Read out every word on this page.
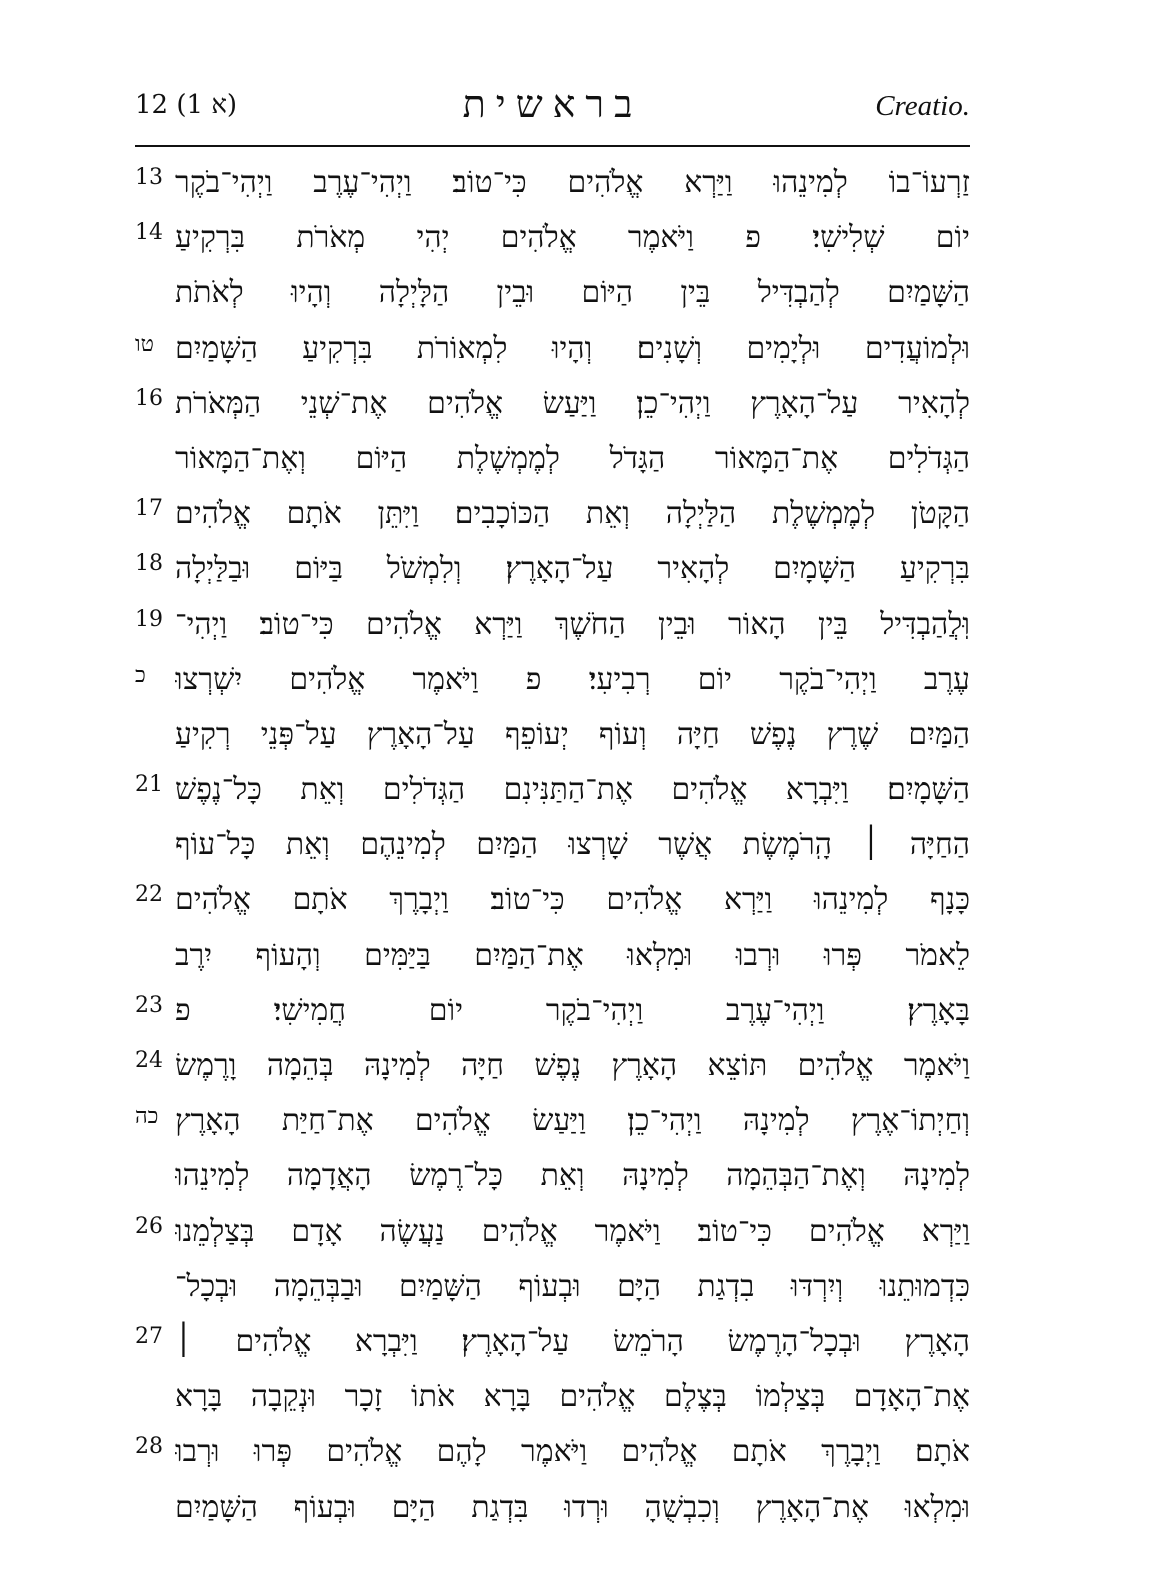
12 (1 א)	בראשית	Creatio.
13 זַרְעוֹ־בוֹ לְמִינֵהוּ וַיַּרְא אֱלֹהִים כִּי־טוֹב׃ וַיְהִי־עֶרֶב וַיְהִי־בֹקֶר
14 יוֹם שְׁלִישִׁי׃ פ וַיֹּאמֶר אֱלֹהִים יְהִי מְאֹרֹת בִּרְקִיעַ
הַשָּׁמַיִם לְהַבְדִּיל בֵּין הַיּוֹם וּבֵין הַלָּיְלָה וְהָיוּ לְאֹתֹת
טו וּלְמוֹעֲדִים וּלְיָמִים וְשָׁנִים׃ וְהָיוּ לִמְאוֹרֹת בִּרְקִיעַ הַשָּׁמַיִם
16 לְהָאִיר עַל־הָאָרֶץ וַיְהִי־כֵן׃ וַיַּעַשׂ אֱלֹהִים אֶת־שְׁנֵי הַמְּאֹרֹת
הַגְּדֹלִים אֶת־הַמָּאוֹר הַגָּדֹל לְמֶמְשֶׁלֶת הַיּוֹם וְאֶת־הַמָּאוֹר
17 הַקָּטֹן לְמֶמְשֶׁלֶת הַלַּיְלָה וְאֵת הַכּוֹכָבִים׃ וַיִּתֵּן אֹתָם אֱלֹהִים
18 בִּרְקִיעַ הַשָּׁמָיִם לְהָאִיר עַל־הָאָרֶץ׃ וְלִמְשֹׁל בַּיּוֹם וּבַלַּיְלָה
19 וּֽלֲהַבְדִּיל בֵּין הָאוֹר וּבֵין הַחֹשֶׁךְ וַיַּרְא אֱלֹהִים כִּי־טוֹב׃ וַיְהִי־
כ עֶרֶב וַיְהִי־בֹקֶר יוֹם רְבִיעִי׃ פ וַיֹּאמֶר אֱלֹהִים יִשְׁרְצוּ
הַמַּיִם שֶׁרֶץ נֶפֶשׁ חַיָּה וְעוֹף יְעוֹפֵף עַל־הָאָרֶץ עַל־פְּנֵי רְקִיעַ
21 הַשָּׁמָיִם׃ וַיִּבְרָא אֱלֹהִים אֶת־הַתַּנִּינִם הַגְּדֹלִים וְאֵת כָּל־נֶפֶשׁ
הַחַיָּה ׀ הָֽרֹמֶשֶׂת אֲשֶׁר שָׁרְצוּ הַמַּיִם לְמִינֵהֶם וְאֵת כָּל־עוֹף
22 כָּנָף לְמִינֵהוּ וַיַּרְא אֱלֹהִים כִּי־טוֹב׃ וַיְבָרֶךְ אֹתָם אֱלֹהִים
לֵאמֹר פְּרוּ וּרְבוּ וּמִלְאוּ אֶת־הַמַּיִם בַּיַּמִּים וְהָעוֹף יִרֶב
23 בָּאָרֶץ׃ וַיְהִי־עֶרֶב וַיְהִי־בֹקֶר יוֹם חֲמִישִׁי׃ פ
24 וַיֹּאמֶר אֱלֹהִים תּוֹצֵא הָאָרֶץ נֶפֶשׁ חַיָּה לְמִינָהּ בְּהֵמָה וָרֶמֶשׂ
כה וְחַיְתוֹ־אֶרֶץ לְמִינָהּ וַיְהִי־כֵן׃ וַיַּעַשׂ אֱלֹהִים אֶת־חַיַּת הָאָרֶץ
לְמִינָהּ וְאֶת־הַבְּהֵמָה לְמִינָהּ וְאֵת כָּל־רֶמֶשׂ הָאֲדָמָה לְמִינֵהוּ
26 וַיַּרְא אֱלֹהִים כִּי־טוֹב׃ וַיֹּאמֶר אֱלֹהִים נַעֲשֶׂה אָדָם בְּצַלְמֵנוּ
כִּדְמוּתֵנוּ וְיִרְדּוּ בִדְגַת הַיָּם וּבְעוֹף הַשָּׁמַיִם וּבַבְּהֵמָה וּבְכָל־
27 הָאָרֶץ וּבְכָל־הָרֶמֶשׂ הָרֹמֵשׂ עַל־הָאָרֶץ׃ וַיִּבְרָא אֱלֹהִים ׀
אֶת־הָאָדָם בְּצַלְמוֹ בְּצֶלֶם אֱלֹהִים בָּרָא אֹתוֹ זָכָר וּנְקֵבָה בָּרָא
28 אֹתָם׃ וַיְבָרֶךְ אֹתָם אֱלֹהִים וַיֹּאמֶר לָהֶם אֱלֹהִים פְּרוּ וּרְבוּ
וּמִלְאוּ אֶת־הָאָרֶץ וְכִבְשֻׁהָ וּרְדוּ בִּדְגַת הַיָּם וּבְעוֹף הַשָּׁמַיִם
